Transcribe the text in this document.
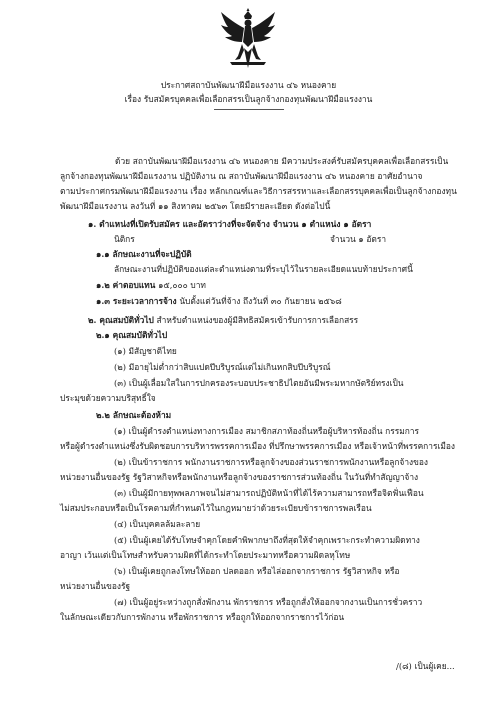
ประกาศสถาบันพัฒนาฝีมือแรงงาน ๔๖ หนองคาย
เรื่อง รับสมัครบุคคลเพื่อเลือกสรรเป็นลูกจ้างกองทุนพัฒนาฝีมือแรงงาน
ด้วย สถาบันพัฒนาฝีมือแรงงาน ๔๖ หนองคาย มีความประสงค์รับสมัครบุคคลเพื่อเลือกสรรเป็น
ลูกจ้างกองทุนพัฒนาฝีมือแรงงาน ปฏิบัติงาน ณ สถาบันพัฒนาฝีมือแรงงาน ๔๖ หนองคาย อาศัยอำนาจ
ตามประกาศกรมพัฒนาฝีมือแรงงาน เรื่อง หลักเกณฑ์และวิธีการสรรหาและเลือกสรรบุคคลเพื่อเป็นลูกจ้างกองทุน
พัฒนาฝีมือแรงงาน ลงวันที่ ๑๑ สิงหาคม ๒๕๖๓ โดยมีรายละเอียด ดังต่อไปนี้
๑. ตำแหน่งที่เปิดรับสมัคร และอัตราว่างที่จะจัดจ้าง จำนวน ๑ ตำแหน่ง ๑ อัตรา
นิติกร	จำนวน ๑ อัตรา
๑.๑ ลักษณะงานที่จะปฏิบัติ
ลักษณะงานที่ปฏิบัติของแต่ละตำแหน่งตามที่ระบุไว้ในรายละเอียดแนบท้ายประกาศนี้
๑.๒ ค่าตอบแทน ๑๕,๐๐๐ บาท
๑.๓ ระยะเวลาการจ้าง นับตั้งแต่วันที่จ้าง ถึงวันที่ ๓๐ กันยายน ๒๕๖๘
๒. คุณสมบัติทั่วไป สำหรับตำแหน่งของผู้มีสิทธิสมัครเข้ารับการการเลือกสรร
๒.๑ คุณสมบัติทั่วไป
(๑) มีสัญชาติไทย
(๒) มีอายุไม่ต่ำกว่าสิบแปดปีบริบูรณ์แต่ไม่เกินหกสิบปีบริบูรณ์
(๓) เป็นผู้เลื่อมใสในการปกครองระบอบประชาธิปไตยอันมีพระมหากษัตริย์ทรงเป็น
ประมุขด้วยความบริสุทธิ์ใจ
๒.๒ ลักษณะต้องห้าม
(๑) เป็นผู้ดำรงตำแหน่งทางการเมือง สมาชิกสภาท้องถิ่นหรือผู้บริหารท้องถิ่น กรรมการ
หรือผู้ดำรงตำแหน่งซึ่งรับผิดชอบการบริหารพรรคการเมือง ที่ปรึกษาพรรคการเมือง หรือเจ้าหน้าที่พรรคการเมือง
(๒) เป็นข้าราชการ พนักงานราชการหรือลูกจ้างของส่วนราชการพนักงานหรือลูกจ้างของ
หน่วยงานอื่นของรัฐ รัฐวิสาหกิจหรือพนักงานหรือลูกจ้างของราชการส่วนท้องถิ่น ในวันที่ทำสัญญาจ้าง
(๓) เป็นผู้มีกายทุพพลภาพจนไม่สามารถปฏิบัติหน้าที่ได้ไร้ความสามารถหรือจิตฟั่นเฟือน
ไม่สมประกอบหรือเป็นโรคตามที่กำหนดไว้ในกฎหมายว่าด้วยระเบียบข้าราชการพลเรือน
(๔) เป็นบุคคลล้มละลาย
(๕) เป็นผู้เคยได้รับโทษจำคุกโดยคำพิพากษาถึงที่สุดให้จำคุกเพราะกระทำความผิดทาง
อาญา เว้นแต่เป็นโทษสำหรับความผิดที่ได้กระทำโดยประมาทหรือความผิดลหุโทษ
(๖) เป็นผู้เคยถูกลงโทษให้ออก ปลดออก หรือไล่ออกจากราชการ รัฐวิสาหกิจ หรือ
หน่วยงานอื่นของรัฐ
(๗) เป็นผู้อยู่ระหว่างถูกสั่งพักงาน พักราชการ หรือถูกสั่งให้ออกจากงานเป็นการชั่วคราว
ในลักษณะเดียวกับการพักงาน หรือพักราชการ หรือถูกให้ออกจากราชการไว้ก่อน
/(๘) เป็นผู้เคย...
